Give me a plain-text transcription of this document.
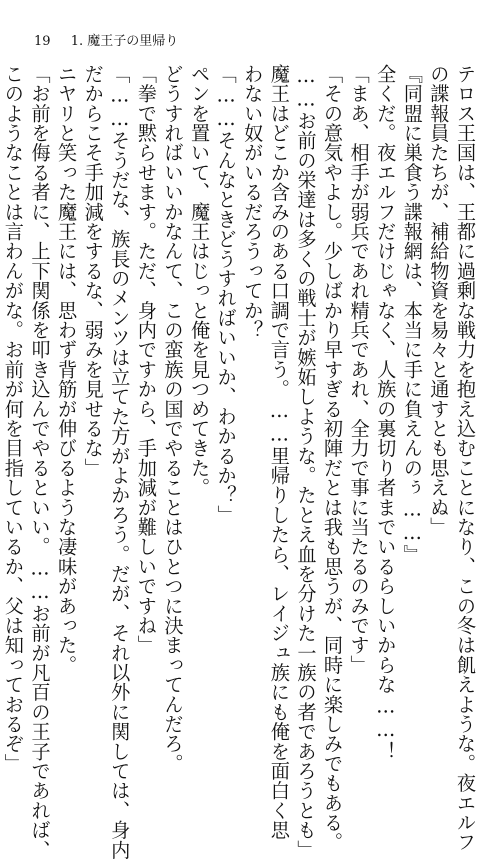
19 1. 魔王子の里帰り
テロス王国は、王都に過剰な戦力を抱え込むことになり、この冬は飢えような。夜エルフ
の諜報員たちが、補給物資を易々と通すとも思えぬ」
『同盟に巣食う諜報網は、本当に手に負えんのぅ……』
全くだ。夜エルフだけじゃなく、人族の裏切り者までいるらしいからな……！
「まあ、相手が弱兵であれ精兵であれ、全力で事に当たるのみです」
「その意気やよし。少しばかり早すぎる初陣だとは我も思うが、同時に楽しみでもある。
……お前の栄達は多くの戦士が嫉妬しような。たとえ血を分けた一族の者であろうとも」
魔王はどこか含みのある口調で言う。……里帰りしたら、レイジュ族にも俺を面白く思
わない奴がいるだろうってか？
「……そんなときどうすればいいか、わかるか？」
ペンを置いて、魔王はじっと俺を見つめてきた。
どうすればいいかなんて、この蛮族の国でやることはひとつに決まってんだろ。
「拳で黙らせます。ただ、身内ですから、手加減が難しいですね」
「……そうだな、族長のメンツは立てた方がよかろう。だが、それ以外に関しては、身内
だからこそ手加減をするな、弱みを見せるな」
ニヤリと笑った魔王には、思わず背筋が伸びるような凄味があった。
「お前を侮る者に、上下関係を叩き込んでやるといい。……お前が凡百の王子であれば、
このようなことは言わんがな。お前が何を目指しているか、父は知っておるぞ」
